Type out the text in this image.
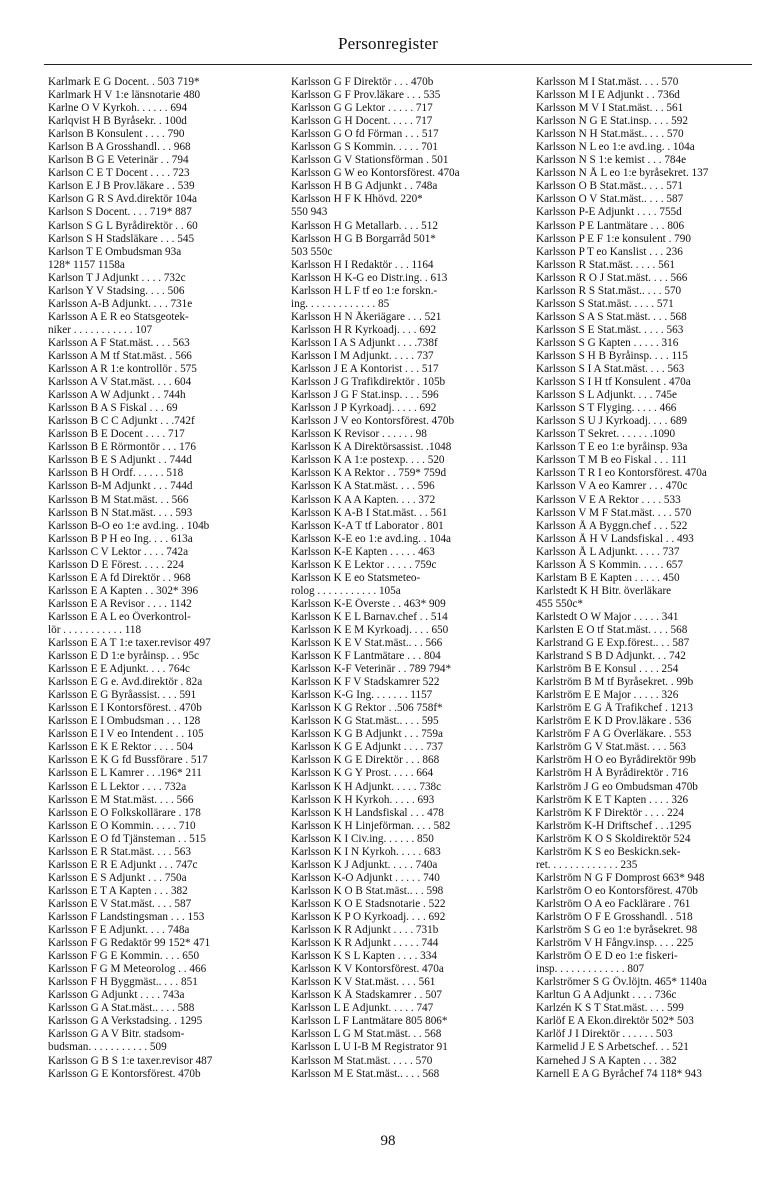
Personregister
Karlmark E G Docent. . 503 719*
Karlmark H V 1:e länsnotarie 480
Karlne O V Kyrkoh. . . . . . 694
Karlqvist H B Byråsekr. . 100d
Karlson B Konsulent . . . . 790
Karlson B A Grosshandl. . . 968
Karlson B G E Veterinär . . 794
Karlson C E T Docent . . . . 723
Karlson E J B Prov.läkare . . 539
Karlson G R S Avd.direktör 104a
Karlson S Docent. . . . 719* 887
Karlson S G L Byrådirektör . . 60
Karlson S H Stadsläkare . . . 545
Karlson T E Ombudsman 93a
128* 1157 1158a
Karlson T J Adjunkt . . . . 732c
Karlson Y V Stadsing. . . . 506
Karlsson A-B Adjunkt. . . . 731e
Karlsson A E R eo Statsgeotek-
niker . . . . . . . . . . . 107
Karlsson A F Stat.mäst. . . . 563
Karlsson A M tf Stat.mäst. . 566
Karlsson A R 1:e kontrollör . 575
Karlsson A V Stat.mäst. . . . 604
Karlsson A W Adjunkt . . 744h
Karlsson B A S Fiskal . . . 69
Karlsson B C C Adjunkt . . .742f
Karlsson B E Docent . . . . 717
Karlsson B E Rörmontör . . . 176
Karlsson B E S Adjunkt . . 744d
Karlsson B H Ordf. . . . . . 518
Karlsson B-M Adjunkt . . . 744d
Karlsson B M Stat.mäst. . . 566
Karlsson B N Stat.mäst. . . . 593
Karlsson B-O eo 1:e avd.ing. . 104b
Karlsson B P H eo Ing. . . . 613a
Karlsson C V Lektor . . . . 742a
Karlsson D E Förest. . . . . 224
Karlsson E A fd Direktör . . 968
Karlsson E A Kapten . . 302* 396
Karlsson E A Revisor . . . . 1142
Karlsson E A L eo Överkontrol-
lör . . . . . . . . . . . 118
Karlsson E A T 1:e taxer.revisor 497
Karlsson E D 1:e byråinsp. . . 95c
Karlsson E E Adjunkt. . . . 764c
Karlsson E G e. Avd.direktör . 82a
Karlsson E G Byråassist. . . . 591
Karlsson E I Kontorsförest. . 470b
Karlsson E I Ombudsman . . . 128
Karlsson E I V eo Intendent . . 105
Karlsson E K E Rektor . . . . 504
Karlsson E K G fd Bussförare . 517
Karlsson E L Kamrer . . .196* 211
Karlsson E L Lektor . . . . 732a
Karlsson E M Stat.mäst. . . . 566
Karlsson E O Folkskollärare . 178
Karlsson E O Kommin. . . . . 710
Karlsson E O fd Tjänsteman . . 515
Karlsson E R Stat.mäst. . . . 563
Karlsson E R E Adjunkt . . . 747c
Karlsson E S Adjunkt . . . 750a
Karlsson E T A Kapten . . . 382
Karlsson E V Stat.mäst. . . . 587
Karlsson F Landstingsman . . . 153
Karlsson F E Adjunkt. . . . 748a
Karlsson F G Redaktör 99 152* 471
Karlsson F G E Kommin. . . . 650
Karlsson F G M Meteorolog . . 466
Karlsson F H Byggmäst.. . . . 851
Karlsson G Adjunkt . . . . 743a
Karlsson G A Stat.mäst.. . . . 588
Karlsson G A Verkstadsing. . 1295
Karlsson G A V Bitr. stadsom-
budsman. . . . . . . . . . . 509
Karlsson G B S 1:e taxer.revisor 487
Karlsson G E Kontorsförest. 470b
Karlsson G F Direktör . . . 470b
Karlsson G F Prov.läkare . . . 535
Karlsson G G Lektor . . . . . 717
Karlsson G H Docent. . . . . 717
Karlsson G O fd Förman . . . 517
Karlsson G S Kommin. . . . . 701
Karlsson G V Stationsförman . 501
Karlsson G W eo Kontorsförest. 470a
Karlsson H B G Adjunkt . . 748a
Karlsson H F K Hhövd. 220*
550 943
Karlsson H G Metallarb. . . . 512
Karlsson H G B Borgarråd 501*
503 550c
Karlsson H I Redaktör . . . 1164
Karlsson H K-G eo Distr.ing. . 613
Karlsson H L F tf eo 1:e forskn.-
ing. . . . . . . . . . . . . 85
Karlsson H N Åkeriägare . . . 521
Karlsson H R Kyrkoadj. . . . 692
Karlsson I A S Adjunkt . . . .738f
Karlsson I M Adjunkt. . . . . 737
Karlsson J E A Kontorist . . . 517
Karlsson J G Trafikdirektör . 105b
Karlsson J G F Stat.insp. . . . 596
Karlsson J P Kyrkoadj. . . . . 692
Karlsson J V eo Kontorsförest. 470b
Karlsson K Revisor . . . . . . 98
Karlsson K A Direktörsassist. .1048
Karlsson K A 1:e postexp. . . . 520
Karlsson K A Rektor . . 759* 759d
Karlsson K A Stat.mäst. . . . 596
Karlsson K A A Kapten. . . . 372
Karlsson K A-B I Stat.mäst. . . 561
Karlsson K-A T tf Laborator . 801
Karlsson K-E eo 1:e avd.ing. . 104a
Karlsson K-E Kapten . . . . . 463
Karlsson K E Lektor . . . . . 759c
Karlsson K E eo Statsmeteo-
rolog . . . . . . . . . . . 105a
Karlsson K-E Överste . . 463* 909
Karlsson K E L Barnav.chef . . 514
Karlsson K E M Kyrkoadj. . . . 650
Karlsson K E V Stat.mäst.. . . 566
Karlsson K F Lantmätare . . . 804
Karlsson K-F Veterinär . . 789 794*
Karlsson K F V Stadskamrer 522
Karlsson K-G Ing. . . . . . . 1157
Karlsson K G Rektor . .506 758f*
Karlsson K G Stat.mäst.. . . . 595
Karlsson K G B Adjunkt . . . 759a
Karlsson K G E Adjunkt . . . . 737
Karlsson K G E Direktör . . . 868
Karlsson K G Y Prost. . . . . 664
Karlsson K H Adjunkt. . . . . 738c
Karlsson K H Kyrkoh. . . . . 693
Karlsson K H Landsfiskal . . . 478
Karlsson K H Linjeförman. . . . 582
Karlsson K I Civ.ing. . . . . . 850
Karlsson K I N Kyrkoh. . . . . 683
Karlsson K J Adjunkt. . . . . 740a
Karlsson K-O Adjunkt . . . . . 740
Karlsson K O B Stat.mäst.. . . 598
Karlsson K O E Stadsnotarie . 522
Karlsson K P O Kyrkoadj. . . . 692
Karlsson K R Adjunkt . . . . 731b
Karlsson K R Adjunkt . . . . . 744
Karlsson K S L Kapten . . . . 334
Karlsson K V Kontorsförest. 470a
Karlsson K V Stat.mäst. . . . 561
Karlsson K Å Stadskamrer . . 507
Karlsson L E Adjunkt. . . . . 747
Karlsson L F Lantmätare 805 806*
Karlsson L G M Stat.mäst. . . 568
Karlsson L U I-B M Registrator 91
Karlsson M Stat.mäst. . . . . 570
Karlsson M E Stat.mäst.. . . . 568
Karlsson M I Stat.mäst. . . . 570
Karlsson M I E Adjunkt . . 736d
Karlsson M V I Stat.mäst. . . 561
Karlsson N G E Stat.insp. . . . 592
Karlsson N H Stat.mäst.. . . . 570
Karlsson N L eo 1:e avd.ing. . 104a
Karlsson N S 1:e kemist . . . 784e
Karlsson N Å L eo 1:e byråsekret. 137
Karlsson O B Stat.mäst.. . . . 571
Karlsson O V Stat.mäst.. . . . 587
Karlsson P-E Adjunkt . . . . 755d
Karlsson P E Lantmätare . . . 806
Karlsson P E F 1:e konsulent . 790
Karlsson P T eo Kanslist . . . 236
Karlsson R Stat.mäst. . . . . 561
Karlsson R O J Stat.mäst. . . . 566
Karlsson R S Stat.mäst.. . . . 570
Karlsson S Stat.mäst. . . . . 571
Karlsson S A S Stat.mäst. . . . 568
Karlsson S E Stat.mäst. . . . . 563
Karlsson S G Kapten . . . . . 316
Karlsson S H B Byråinsp. . . . 115
Karlsson S I A Stat.mäst. . . . 563
Karlsson S I H tf Konsulent . 470a
Karlsson S L Adjunkt. . . . 745e
Karlsson S T Flyging. . . . . 466
Karlsson S U J Kyrkoadj. . . . 689
Karlsson T Sekret. . . . . . .1090
Karlsson T E eo 1:e byråinsp. 93a
Karlsson T M B eo Fiskal . . . 111
Karlsson T R I eo Kontorsförest. 470a
Karlsson V A eo Kamrer . . . 470c
Karlsson V E A Rektor . . . . 533
Karlsson V M F Stat.mäst. . . . 570
Karlsson Å A Byggn.chef . . . 522
Karlsson Å H V Landsfiskal . . 493
Karlsson Å L Adjunkt. . . . . 737
Karlsson Å S Kommin. . . . . 657
Karlstam B E Kapten . . . . . 450
Karlstedt K H Bitr. överläkare
455 550c*
Karlstedt O W Major . . . . . 341
Karlsten E O tf Stat.mäst. . . . 568
Karlstrand G E Exp.förest.. . . 587
Karlstrand S B D Adjunkt. . . 742
Karlström B E Konsul . . . . 254
Karlström B M tf Byråsekret. . 99b
Karlström E E Major . . . . . 326
Karlström E G Å Trafikchef . 1213
Karlström E K D Prov.läkare . 536
Karlström F A G Överläkare. . 553
Karlström G V Stat.mäst. . . . 563
Karlström H O eo Byrådirektör 99b
Karlström H Å Byrådirektör . 716
Karlström J G eo Ombudsman 470b
Karlström K E T Kapten . . . . 326
Karlström K F Direktör . . . . 224
Karlström K-H Driftschef . . .1295
Karlström K O S Skoldirektör 524
Karlström K S eo Beskickn.sek-
ret. . . . . . . . . . . . . 235
Karlström N G F Domprost 663* 948
Karlström O eo Kontorsförest. 470b
Karlström O A eo Facklärare . 761
Karlström O F E Grosshandl. . 518
Karlström S G eo 1:e byråsekret. 98
Karlström V H Fångv.insp. . . . 225
Karlström Ö E D eo 1:e fiskeri-
insp. . . . . . . . . . . . . 807
Karlströmer S G Öv.löjtn. 465* 1140a
Karltun G A Adjunkt . . . . 736c
Karlzén K S T Stat.mäst. . . . 599
Karlöf E A Ekon.direktör 502* 503
Karlöf J I Direktör . . . . . . 503
Karmelid J E S Arbetschef. . . 521
Karnehed J S A Kapten . . . 382
Karnell E A G Byråchef 74 118* 943
98
